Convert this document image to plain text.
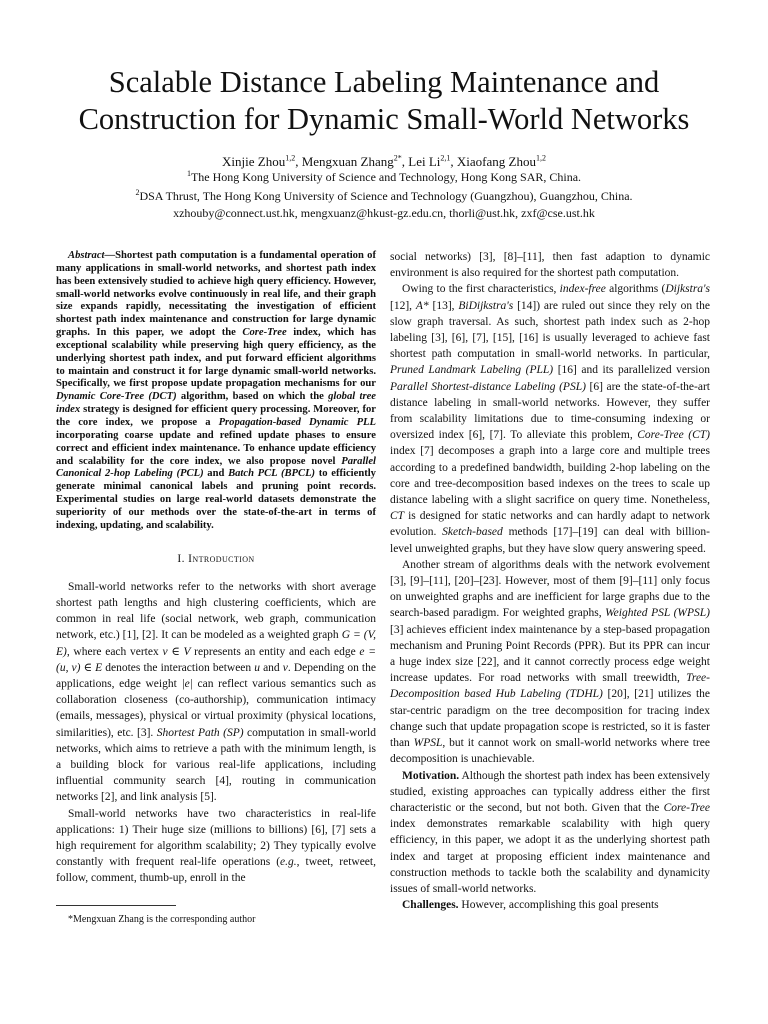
Scalable Distance Labeling Maintenance and Construction for Dynamic Small-World Networks
Xinjie Zhou$^{1,2}$, Mengxuan Zhang$^{2*}$, Lei Li$^{2,1}$, Xiaofang Zhou$^{1,2}$
$^1$The Hong Kong University of Science and Technology, Hong Kong SAR, China.
$^2$DSA Thrust, The Hong Kong University of Science and Technology (Guangzhou), Guangzhou, China.
xzhouby@connect.ust.hk, mengxuanz@hkust-gz.edu.cn, thorli@ust.hk, zxf@cse.ust.hk

Abstract—Shortest path computation is a fundamental operation of many applications in small-world networks, and shortest path index has been extensively studied to achieve high query efficiency. However, small-world networks evolve continuously in real life, and their graph size expands rapidly, necessitating the investigation of efficient shortest path index maintenance and construction for large dynamic graphs. In this paper, we adopt the Core-Tree index, which has exceptional scalability while preserving high query efficiency, as the underlying shortest path index, and put forward efficient algorithms to maintain and construct it for large dynamic small-world networks. Specifically, we first propose update propagation mechanisms for our Dynamic Core-Tree (DCT) algorithm, based on which the global tree index strategy is designed for efficient query processing. Moreover, for the core index, we propose a Propagation-based Dynamic PLL incorporating coarse update and refined update phases to ensure correct and efficient index maintenance. To enhance update efficiency and scalability for the core index, we also propose novel Parallel Canonical 2-hop Labeling (PCL) and Batch PCL (BPCL) to efficiently generate minimal canonical labels and pruning point records. Experimental studies on large real-world datasets demonstrate the superiority of our methods over the state-of-the-art in terms of indexing, updating, and scalability.

I. Introduction

Small-world networks refer to the networks with short average shortest path lengths and high clustering coefficients, which are common in real life (social network, web graph, communication network, etc.) [1], [2]. It can be modeled as a weighted graph G = (V, E), where each vertex v ∈ V represents an entity and each edge e = (u, v) ∈ E denotes the interaction between u and v. Depending on the applications, edge weight |e| can reflect various semantics such as collaboration closeness (co-authorship), communication intimacy (emails, messages), physical or virtual proximity (physical locations, similarities), etc. [3]. Shortest Path (SP) computation in small-world networks, which aims to retrieve a path with the minimum length, is a building block for various real-life applications, including influential community search [4], routing in communication networks [2], and link analysis [5].

Small-world networks have two characteristics in real-life applications: 1) Their huge size (millions to billions) [6], [7] sets a high requirement for algorithm scalability; 2) They typically evolve constantly with frequent real-life operations (e.g., tweet, retweet, follow, comment, thumb-up, enroll in the

*Mengxuan Zhang is the corresponding author

social networks) [3], [8]–[11], then fast adaption to dynamic environment is also required for the shortest path computation.

Owing to the first characteristics, index-free algorithms (Dijkstra's [12], A* [13], BiDijkstra's [14]) are ruled out since they rely on the slow graph traversal. As such, shortest path index such as 2-hop labeling [3], [6], [7], [15], [16] is usually leveraged to achieve fast shortest path computation in small-world networks. In particular, Pruned Landmark Labeling (PLL) [16] and its parallelized version Parallel Shortest-distance Labeling (PSL) [6] are the state-of-the-art distance labeling in small-world networks. However, they suffer from scalability limitations due to time-consuming indexing or oversized index [6], [7]. To alleviate this problem, Core-Tree (CT) index [7] decomposes a graph into a large core and multiple trees according to a predefined bandwidth, building 2-hop labeling on the core and tree-decomposition based indexes on the trees to scale up distance labeling with a slight sacrifice on query time. Nonetheless, CT is designed for static networks and can hardly adapt to network evolution. Sketch-based methods [17]–[19] can deal with billion-level unweighted graphs, but they have slow query answering speed.

Another stream of algorithms deals with the network evolvement [3], [9]–[11], [20]–[23]. However, most of them [9]–[11] only focus on unweighted graphs and are inefficient for large graphs due to the search-based paradigm. For weighted graphs, Weighted PSL (WPSL) [3] achieves efficient index maintenance by a step-based propagation mechanism and Pruning Point Records (PPR). But its PPR can incur a huge index size [22], and it cannot correctly process edge weight increase updates. For road networks with small treewidth, Tree-Decomposition based Hub Labeling (TDHL) [20], [21] utilizes the star-centric paradigm on the tree decomposition for tracing index change such that update propagation scope is restricted, so it is faster than WPSL, but it cannot work on small-world networks where tree decomposition is unachievable.

Motivation. Although the shortest path index has been extensively studied, existing approaches can typically address either the first characteristic or the second, but not both. Given that the Core-Tree index demonstrates remarkable scalability with high query efficiency, in this paper, we adopt it as the underlying shortest path index and target at proposing efficient index maintenance and construction methods to tackle both the scalability and dynamicity issues of small-world networks.

Challenges. However, accomplishing this goal presents
